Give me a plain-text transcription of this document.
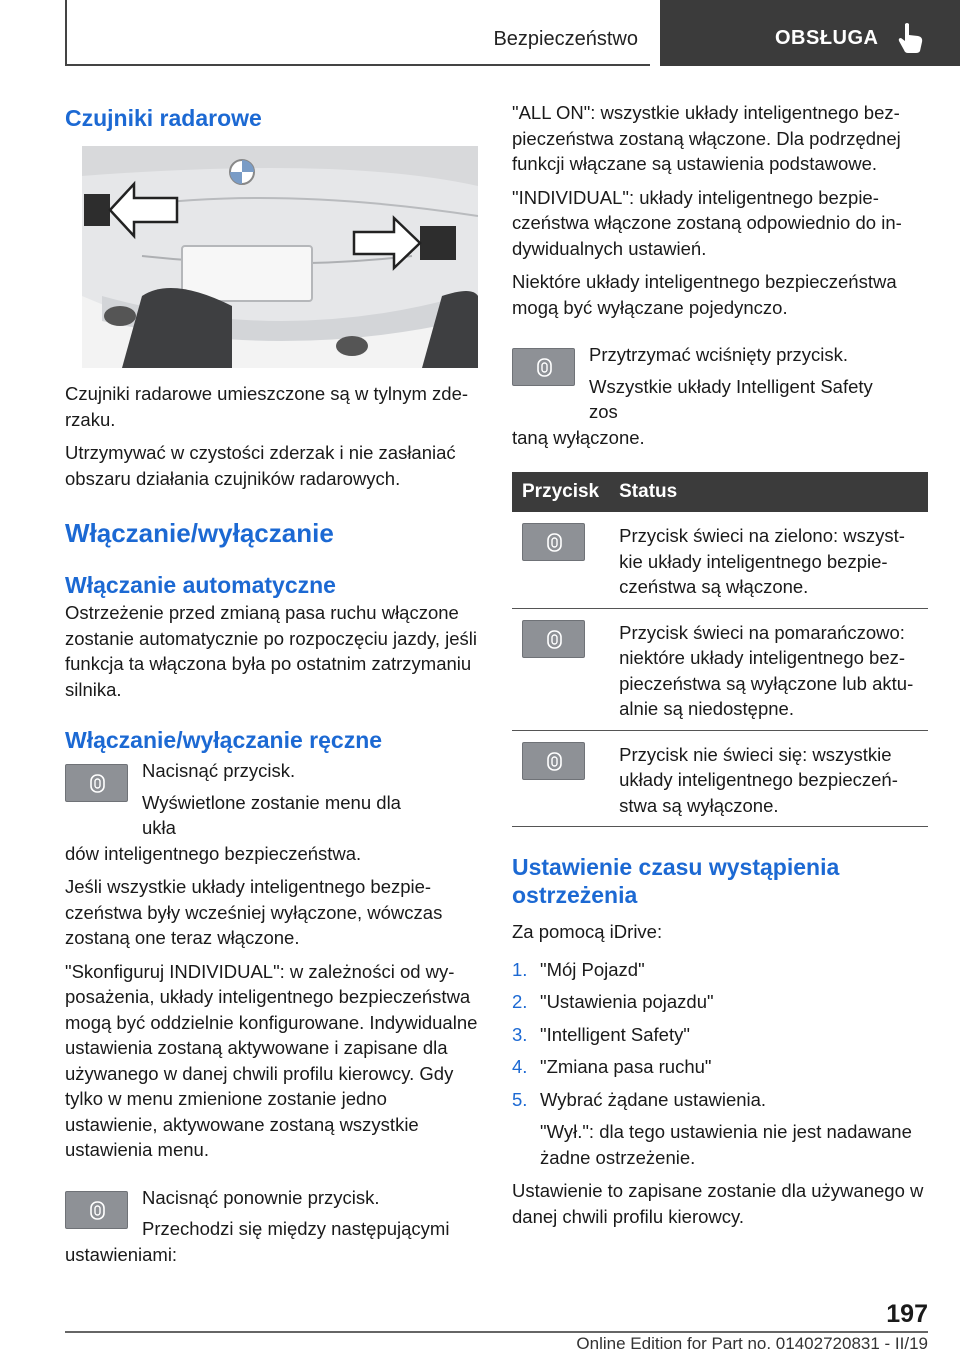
Bezpieczeństwo	OBSŁUGA
Czujniki radarowe

Czujniki radarowe umieszczone są w tylnym zderzaku.

Utrzymywać w czystości zderzak i nie zasłaniać obszaru działania czujników radarowych.

Włączanie/wyłączanie
Włączanie automatyczne

Ostrzeżenie przed zmianą pasa ruchu włączone zostanie automatycznie po rozpoczęciu jazdy, jeśli funkcja ta włączona była po ostatnim zatrzymaniu silnika.

Włączanie/wyłączanie ręczne

Nacisnąć przycisk.

Wyświetlone zostanie menu dla ukła

dów inteligentnego bezpieczeństwa.

Jeśli wszystkie układy inteligentnego bezpieczeństwa były wcześniej wyłączone, wówczas zostaną one teraz włączone.

"Skonfiguruj INDIVIDUAL": w zależności od wyposażenia, układy inteligentnego bezpieczeństwa mogą być oddzielnie konfigurowane. Indywidualne ustawienia zostaną aktywowane i zapisane dla używanego w danej chwili profilu kierowcy. Gdy tylko w menu zmienione zostanie jedno ustawienie, aktywowane zostaną wszystkie ustawienia menu.

Nacisnąć ponownie przycisk.

Przechodzi się między następującymi

ustawieniami:

"ALL ON": wszystkie układy inteligentnego bezpieczeństwa zostaną włączone. Dla podrzędnej funkcji włączane są ustawienia podstawowe.

"INDIVIDUAL": układy inteligentnego bezpieczeństwa włączone zostaną odpowiednio do indywidualnych ustawień.

Niektóre układy inteligentnego bezpieczeństwa mogą być wyłączane pojedynczo.

Przytrzymać wciśnięty przycisk.

Wszystkie układy Intelligent Safety zos

taną wyłączone.

Przycisk	Status

	Przycisk świeci na zielono: wszystkie układy inteligentnego bezpieczeństwa są włączone.

	Przycisk świeci na pomarańczowo: niektóre układy inteligentnego bezpieczeństwa są wyłączone lub aktualnie są niedostępne.

	Przycisk nie świeci się: wszystkie układy inteligentnego bezpieczeństwa są wyłączone.
Ustawienie czasu wystąpienia ostrzeżenia

Za pomocą iDrive:

1. "Mój Pojazd"
2. "Ustawienia pojazdu"
3. "Intelligent Safety"
4. "Zmiana pasa ruchu"
5. Wybrać żądane ustawienia.

"Wył.": dla tego ustawienia nie jest nadawane żadne ostrzeżenie.

Ustawienie to zapisane zostanie dla używanego w danej chwili profilu kierowcy.

197
Online Edition for Part no. 01402720831 - II/19
